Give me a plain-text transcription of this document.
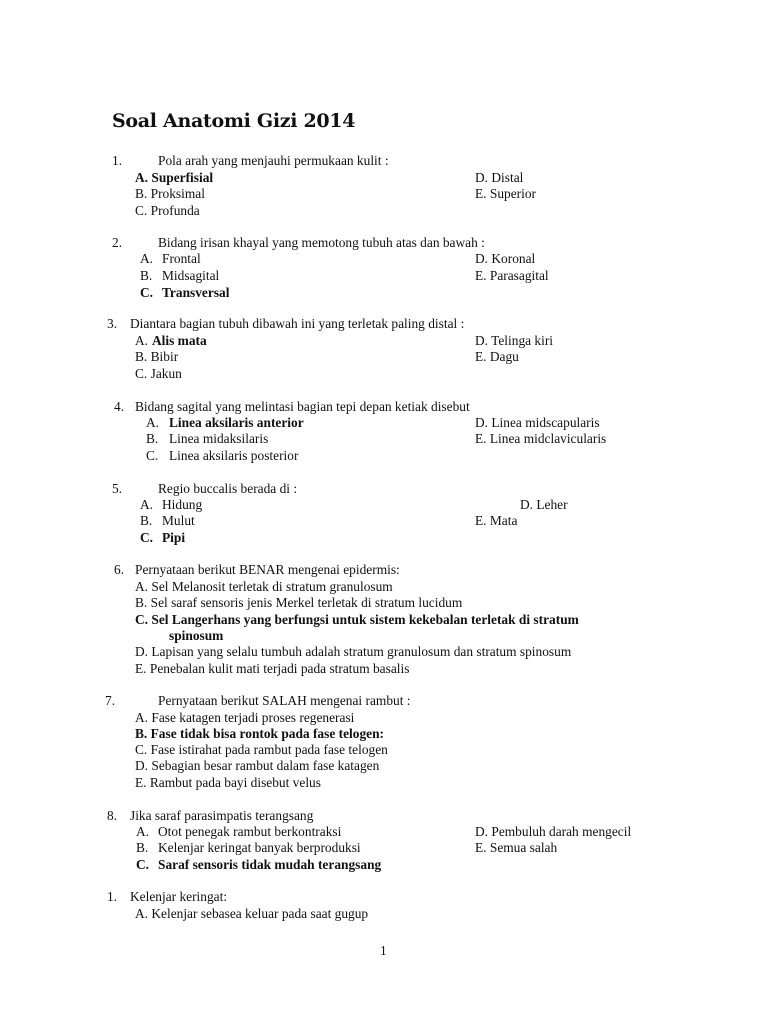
Soal Anatomi Gizi 2014
1.	Pola arah yang menjauhi permukaan kulit :
A. Superfisial
B. Proksimal
C. Profunda
D. Distal
E. Superior
2.	Bidang irisan khayal yang memotong tubuh atas dan bawah :
A. Frontal
B. Midsagital
C. Transversal
D. Koronal
E. Parasagital
3. Diantara bagian tubuh dibawah ini yang terletak paling distal :
A. Alis mata
B. Bibir
C. Jakun
D. Telinga kiri
E. Dagu
4. Bidang sagital yang melintasi bagian tepi depan ketiak disebut
A. Linea aksilaris anterior
B. Linea midaksilaris
C. Linea aksilaris posterior
D. Linea midscapularis
E. Linea midclavicularis
5.	Regio buccalis berada di :
A. Hidung
B. Mulut
C. Pipi
D. Leher
E. Mata
6. Pernyataan berikut BENAR mengenai epidermis:
A. Sel Melanosit terletak di stratum granulosum
B. Sel saraf sensoris jenis Merkel terletak di stratum lucidum
C. Sel Langerhans yang berfungsi untuk sistem kekebalan terletak di stratum
spinosum
D. Lapisan yang selalu tumbuh adalah stratum granulosum dan stratum spinosum
E. Penebalan kulit mati terjadi pada stratum basalis
7.	Pernyataan berikut SALAH mengenai rambut :
A. Fase katagen terjadi proses regenerasi
B. Fase tidak bisa rontok pada fase telogen:
C. Fase istirahat pada rambut pada fase telogen
D. Sebagian besar rambut dalam fase katagen
E. Rambut pada bayi disebut velus
8. Jika saraf parasimpatis terangsang
A. Otot penegak rambut berkontraksi
B. Kelenjar keringat banyak berproduksi
C. Saraf sensoris tidak mudah terangsang
D. Pembuluh darah mengecil
E. Semua salah
1. Kelenjar keringat:
A. Kelenjar sebasea keluar pada saat gugup
1
